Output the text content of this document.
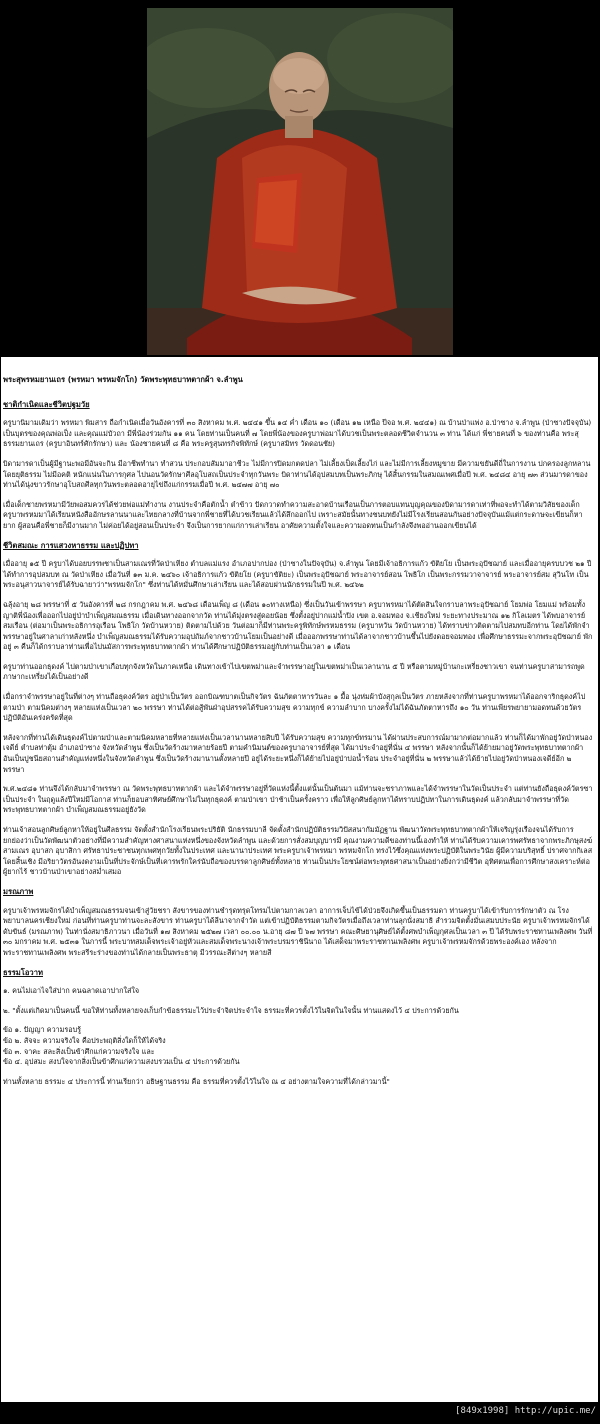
พระสุพรหมยานเถร (พรหมา พรหมจักโก) วัดพระพุทธบาทตากผ้า จ.ลำพูน

ชาติกำเนิดและชีวิตปฐมวัย

ครูบานิมามเดิมว่า พรหมา พิมสาร ถือกำเนิดเมื่อวันอังคารที่ ๓๐ สิงหาคม พ.ศ. ๒๔๔๑ ขึ้น ๑๔ ค่ำ เดือน ๑๐ (เดือน ๑๒ เหนือ ปีจอ พ.ศ. ๒๔๔๑) ณ บ้านป่าแพ่ง อ.ป่าซาง จ.ลำพูน (ป่าซางปัจจุบัน) เป็นบุตรของคุณพ่อเป็ง และคุณแม่บัวถา มีพี่น้องร่วมกัน ๑๑ คน โดยท่านเป็นคนที่ ๗ โดยพี่น้องของครูบาพ่อมาได้บวชเป็นพระตลอดชีวิตจำนวน ๓ ท่าน ได้แก่ พี่ชายคนที่ ๖ ของท่านคือ พระสุธรรมยานเถร (ครูบาอินทร์ศักรักษา) และ น้องชายคนที่ ๘ คือ พระครูสุนทรกิจพิทักษ์ (ครูบาสมิทร วัดดอนชัย)

บิดามารดาเป็นผู้มีฐานะพอมีอันจะกิน มีอาชีพทำนา ทำสวน ประกอบสัมมาอาชีวะ ไม่มีการปิดมกตดปลา ไม่เลี้ยงเป็ดเลี้ยงไก่ และไม่มีการเลี้ยงหมูขาย มีความขยันดีถี่ในการงาน ปกครองลูกหลานโดยยุติธรรม ไม่มีอคติ หนักแน่นในการกุศล ไปนอนวัดรักษาศีลอุโบสถเป็นประจำทุกวันพระ บิดาท่านได้อุปสมบทเป็นพระภิกษุ ได้สิ้นกรรมในสมณเพศเมื่อปี พ.ศ. ๒๔๘๔ อายุ ๗๓ ส่วนมารดาของท่านได้นุ่งขาวรักษาอุโบสถศีลทุกวันพระตลอดอายุไข่ถึงแก่กรรมเมื่อปี พ.ศ. ๒๔๗๗ อายุ ๗๐

เมื่อเด็กชายพรหมามีวัยพอสมควรได้ช่วยพ่อแม่ทำงาน งานประจำคือตักน้ำ ตำข้าว ปัดกวาดทำความสะอาดบ้านเรือนเป็นการตอบแทนบุญคุณของบิดามารดาเท่าที่พอจะทำได้ตามวิสัยของเด็ก ครูบาพรหมมาได้เรียนหนังสืออักษรลานนาและไทยกลางที่บ้านจากพี่ชายที่ได้บวชเรียนแล้วได้ลึกออกไป เพราะสมัยนั้นทางชนบทยังไม่มีโรงเรียนสอนกันอย่างปัจจุบันแม้แต่กระดาษจะเขียนก็หายาก ผู้สอนคือพี่ชายก็มีงานมาก ไม่ค่อยได้อยู่สอนเป็นประจำ จึงเป็นการยากแก่การเล่าเรียน อาศัยความตั้งใจและความอดทนเป็นกำลังจึงพออ่านออกเขียนได้

ชีวิตสมณะ การแสวงหาธรรม และปฏิปทา

เมื่ออายุ ๑๕ ปี ครูบาได้บอยบรรพชาเป็นสามเณรที่วัดป่าเหียง ตำบลแม่แรง อำเภอปากบ่อง (ป่าซางในปัจจุบัน) จ.ลำพูน โดยมีเจ้าอธิการแก้ว ขัติยโย เป็นพระอุปัชฌาย์ และเมื่ออายุครบบวช ๒๑ ปีได้ทำการอุปสมบท ณ วัดป่าเหียง เมื่อวันที่ ๑๓ ม.ค. ๒๔๖๐ เจ้าอธิการแก้ว ขัติยโย (ครูบาขัติยะ) เป็นพระอุปัชฌาย์ พระอาจารย์สอน โพธิโก เป็นพระกรรมวาจาจารย์ พระอาจารย์สม สุวินโท เป็นพระอนุสาวนาจารย์ได้รับฉายาว่า"พรหมจักโก" ซึ่งท่านได้หมั่นศึกษาเล่าเรียน และได้สอบผ่านนักธรรมในปี พ.ศ. ๒๔๖๒

ฉลุ้งอายุ ๒๘ พรรษาที่ ๕ วันอังคารที่ ๒๘ กรกฎาคม พ.ศ. ๒๔๖๘ เดือนเพ็ญ ๘ (เดือน ๑๐ทางเหนือ) ซึ่งเป็นวันเข้าพรรษา ครูบาพรหมาได้ตัดสินใจกราบลาพระอุปัชฌาย์ โยมพ่อ โยมแม่ พร้อมทั้งญาติพี่น้องเพื่อออกไปอยู่ป่าบำเพ็ญสมณธรรม เมื่อเดินทางออกจากวัด ท่านได้มุ่งตรงสู่ดอยน้อย ซึ่งตั้งอยู่ปากแม่น้ำปิง เขต อ.จอมทอง จ.เชียงใหม่ ระยะทางประมาณ ๑๒ กิโลเมตร ได้พบอาจารย์สมเรือน (ต่อมาเป็นพระอธิการอุเรือน โพธิโก วัดบ้านหวาย) ติดตามไปด้วย วันต่อมาก็มีท่านพระครูพิทักษ์พรหมธรรม (ครูบาหวัน วัดบ้านหวาย) ได้ทราบข่าวติดตามไปสมทบอีกท่าน โดยได้พักจำพรรษาอยู่ในศาลาเก่าหลังหนึ่ง บำเพ็ญสมณธรรมได้รับความอุปถัมภ์จากชาวบ้านโยมเป็นอย่างดี เมื่อออกพรรษาท่านได้ลาจากชาวบ้านขึ้นไปยังดอยจอมทอง เพื่อศึกษาธรรมะจากพระอุปัชฌาย์ พักอยู่ ๓ คืนก็ได้กราบลาท่านเพื่อไปนมัสการพระพุทธบาทตากผ้า ท่านได้ศึกษาปฏิบัติธรรมอยู่กับท่านเป็นเวลา ๑ เดือน

ครูบาท่านออกธุดงค์ ไปตามป่าเขาเกือบทุกจังหวัดในภาคเหนือ เดินทางเข้าไปเขตพม่าและจำพรรษาอยู่ในเขตพม่าเป็นเวลานาน ๕ ปี หรือตามหมู่บ้านกะเหรี่ยงชาวเขา จนท่านครูบาสามารถพูดภาษากะเหรี่ยงได้เป็นอย่างดี

เมื่อกราจำพรรษาอยู่ในที่ต่างๆ ท่านถือธุดงค์วัตร อยู่ป่าเป็นวัตร ออกบิณฑบาตเป็นกิจวัตร ฉันภัตตาหารวันละ ๑ มื้อ นุ่งห่มผ้าบังสุกุลเป็นวัตร ภายหลังจากที่ท่านครูบาพรหมาได้ออกจาริกธุดงค์ไปตามป่า ตามนิคมต่างๆ หลายแห่งเป็นเวลา ๒๐ พรรษา ท่านได้ต่อสู้พันฝ่าอุปสรรคได้รับความสุข ความทุกข์ ความลำบาก บางครั้งไม่ได้ฉันภัตตาหารถึง ๑๐ วัน ท่านเพียรพยายามอดทนด้วยวัตรปฏิบัติอันเคร่งครัดที่สุด

หลังจากที่ท่านได้เดินธุดงค์ไปตามป่าและตามนิคมหลายที่หลายแห่งเป็นเวลานานหลายสิบปี ได้รับความสุข ความทุกข์ทรมาน ได้ผ่านประสบการณ์มามากต่อมากแล้ว ท่านก็ได้มาพักอยู่วัดป่าหนองเจดีย์ ตำบลท่าตุ้ม อำเภอป่าซาง จังหวัดลำพูน ซึ่งเป็นวัดร้างมาหลายร้อยปี ตามคำนิมนต์ของครูบาอาจารย์ที่สุด ได้มาประจำอยู่ที่นั่น ๔ พรรษา หลังจากนั้นก็ได้ย้ายมาอยู่วัดพระพุทธบาทตากผ้า อันเป็นปูชนียสถานสำคัญแห่งหนึ่งในจังหวัดลำพูน ซึ่งเป็นวัดร้างมานานตั้งหลายปี อยู่ได้ระยะหนึ่งก็ได้ย้ายไปอยู่ป่าบ่อน้ำร้อน ประจำอยู่ที่นั่น ๒ พรรษาแล้วได้ย้ายไปอยู่วัดป่าหนองเจดีย์อีก ๒ พรรษา

พ.ศ.๒๔๘๑ ท่านจึงได้กลับมาจำพรรษา ณ วัดพระพุทธบาทตากผ้า และได้จำพรรษาอยู่ที่วัดแห่งนี้ตั้งแต่นั้นเป็นต้นมา แม้ท่านจะชราภาพและได้จำพรรษาในวัดเป็นประจำ แต่ท่านยังถือธุดงค์วัตรซาเป็นประจำ ในฤดูแล้งปีใหม่มีโอกาส ท่านก็ยอบสาทิศษย์ศึกษาไม่ในทุกธุดงค์ ตามป่าเขา ป่าช้าเป็นครั้งคราว เพื่อให้ลูกศิษย์ลูกหาได้ทราบปฏิปทาในการเดินธุดงค์ แล้วกลับมาจำพรรษาที่วัดพระพุทธบาทตากผ้า บำเพ็ญสมณธรรมอยู่ยังวัด

ท่านเจ้าสอนลูกศิษย์ลูกหาให้อยู่ในศีลธรรม จัดตั้งสำนักโรงเรียนพระปริยัติ นักธรรมบาลี จัดตั้งสำนักปฏิบัติธรรมวิปัสสนากัมมัฏฐาน พัฒนาวัดพระพุทธบาทตากผ้าให้เจริญรุ่งเรืองจนได้รับการยกย่องว่าเป็นวัดพัฒนาตัวอย่างที่มีความสำคัญทางศาสนาแห่งหนึ่งของจังหวัดลำพูน และด้วยการสั่งสมบุญบารมี คุณงามความดีของท่านนี้เองทำให้ ท่านได้รับความเคารพศรัทธาจากพระภิกษุสงฆ์ สามเณร อุบาสก อุบาสิกา ศรัทธาประชาชนทุกเพศทุกวัยทั้งในประเทศ และนานาประเทศ พระครูบาเจ้าพรหมา พรหมจักโก ทรงไว้ซึ่งคุณแห่งพระปฏิบัติในพระวินัย ผู้มีความบริสุทธิ์ ปราศจากกิเลสโดยสิ้นเชิง มีอริยาวัตรอันงดงามเป็นที่ประจักษ์เป็นที่เคารพรักใคร่นับถือของบรรดาลูกศิษย์ทั้งหลาย ท่านเป็นประโยชน์ต่อพระพุทธศาสนาเป็นอย่างยิ่งกว่ามีชีวิต อุทิศตนเพื่อการศึกษาสงเคราะห์ต่อผู้ยากไร้ ชาวบ้านป่าเขาอย่างสม่ำเสมอ

มรณภาพ

ครูบาเจ้าพรหมจักรได้บำเพ็ญสมณธรรมจนเข้าสู่วัยชรา สังขารของท่านชำรุดทรุดโทรมไปตามกาลเวลา อาการเจ็บไข้ได้ป่วยจึงเกิดขึ้นเป็นธรรมดา ท่านครูบาได้เข้ารับการรักษาตัว ณ โรงพยาบาลนครเชียงใหม่ ก่อนที่ท่านครูบาท่านจะละสังขาร ท่านครูบาได้ลีนาจากจำวัด แต่เข้าปฏิบัติธรรมตามกิจวัตรเมื่อถึงเวลาท่านลุกนั่งสมาธิ สำรวมจิตตั้งมั่นเสมบประนัย ครูบาเจ้าพรหมจักรได้ดับขันธ์ (มรณภาพ) ในท่านั่งสมาธิภาวนา เมื่อวันที่ ๑๗ สิงหาคม ๒๕๒๗ เวลา ๐๐.๐๐ น.อายุ ๘๗ ปี ๖๗ พรรษา คณะศิษยานุศิษย์ได้ตั้งศพบำเพ็ญกุศลเป็นเวลา ๓ ปี ได้รับพระราชทานเพลิงศพ วันที่ ๓๐ มกราคม พ.ศ. ๒๕๓๑ ในการนี้ พระบาทสมเด็จพระเจ้าอยู่หัวและสมเด็จพระนางเจ้าพระบรมราชินีนาถ ได้เสด็จมาพระราชทานเพลิงศพ ครูบาเจ้าพรหมจักรด้วยพระองค์เอง หลังจากพระราชทานเพลิงศพ พระสรีระร่างของท่านได้กลายเป็นพระธาตุ มีวรรณะสีต่างๆ หลายสี

ธรรมโอวาท

๑. คนไม่เอาไจใส่ปาก คนฉลาดเอาปากใส่ใจ

๒. "ตั้งแต่เกิดมาเป็นคนนี้ ขอให้ท่านทั้งหลายจงเก็บกำข้อธรรมะไว้ประจำจิตประจำใจ ธรรมะที่ควรตั้งไว้ในจิตในใจนั้น ท่านแสดงไว้ ๔ ประการด้วยกัน

ข้อ ๑. ปัญญา ความรอบรู้

ข้อ ๒. สัจจะ ความจริงใจ คือประพฤติสิ่งใดก็ให้ได้จริง

ข้อ ๓. จาคะ สละสิ่งเป็นข้าศึกแก่ความจริงใจ และ

ข้อ ๔. อุปสมะ สงบใจจากสิ่งเป็นข้าศึกแก่ความสงบรวมเป็น ๔ ประการด้วยกัน

ท่านทั้งหลาย ธรรมะ ๔ ประการนี้ ท่านเรียกว่า อธิษฐานธรรม คือ ธรรมที่ควรตั้งไว้ในใจ ณ ๔ อย่างตามใจความที่ได้กล่าวมานี้"

[849x1998] http://upic.me/
